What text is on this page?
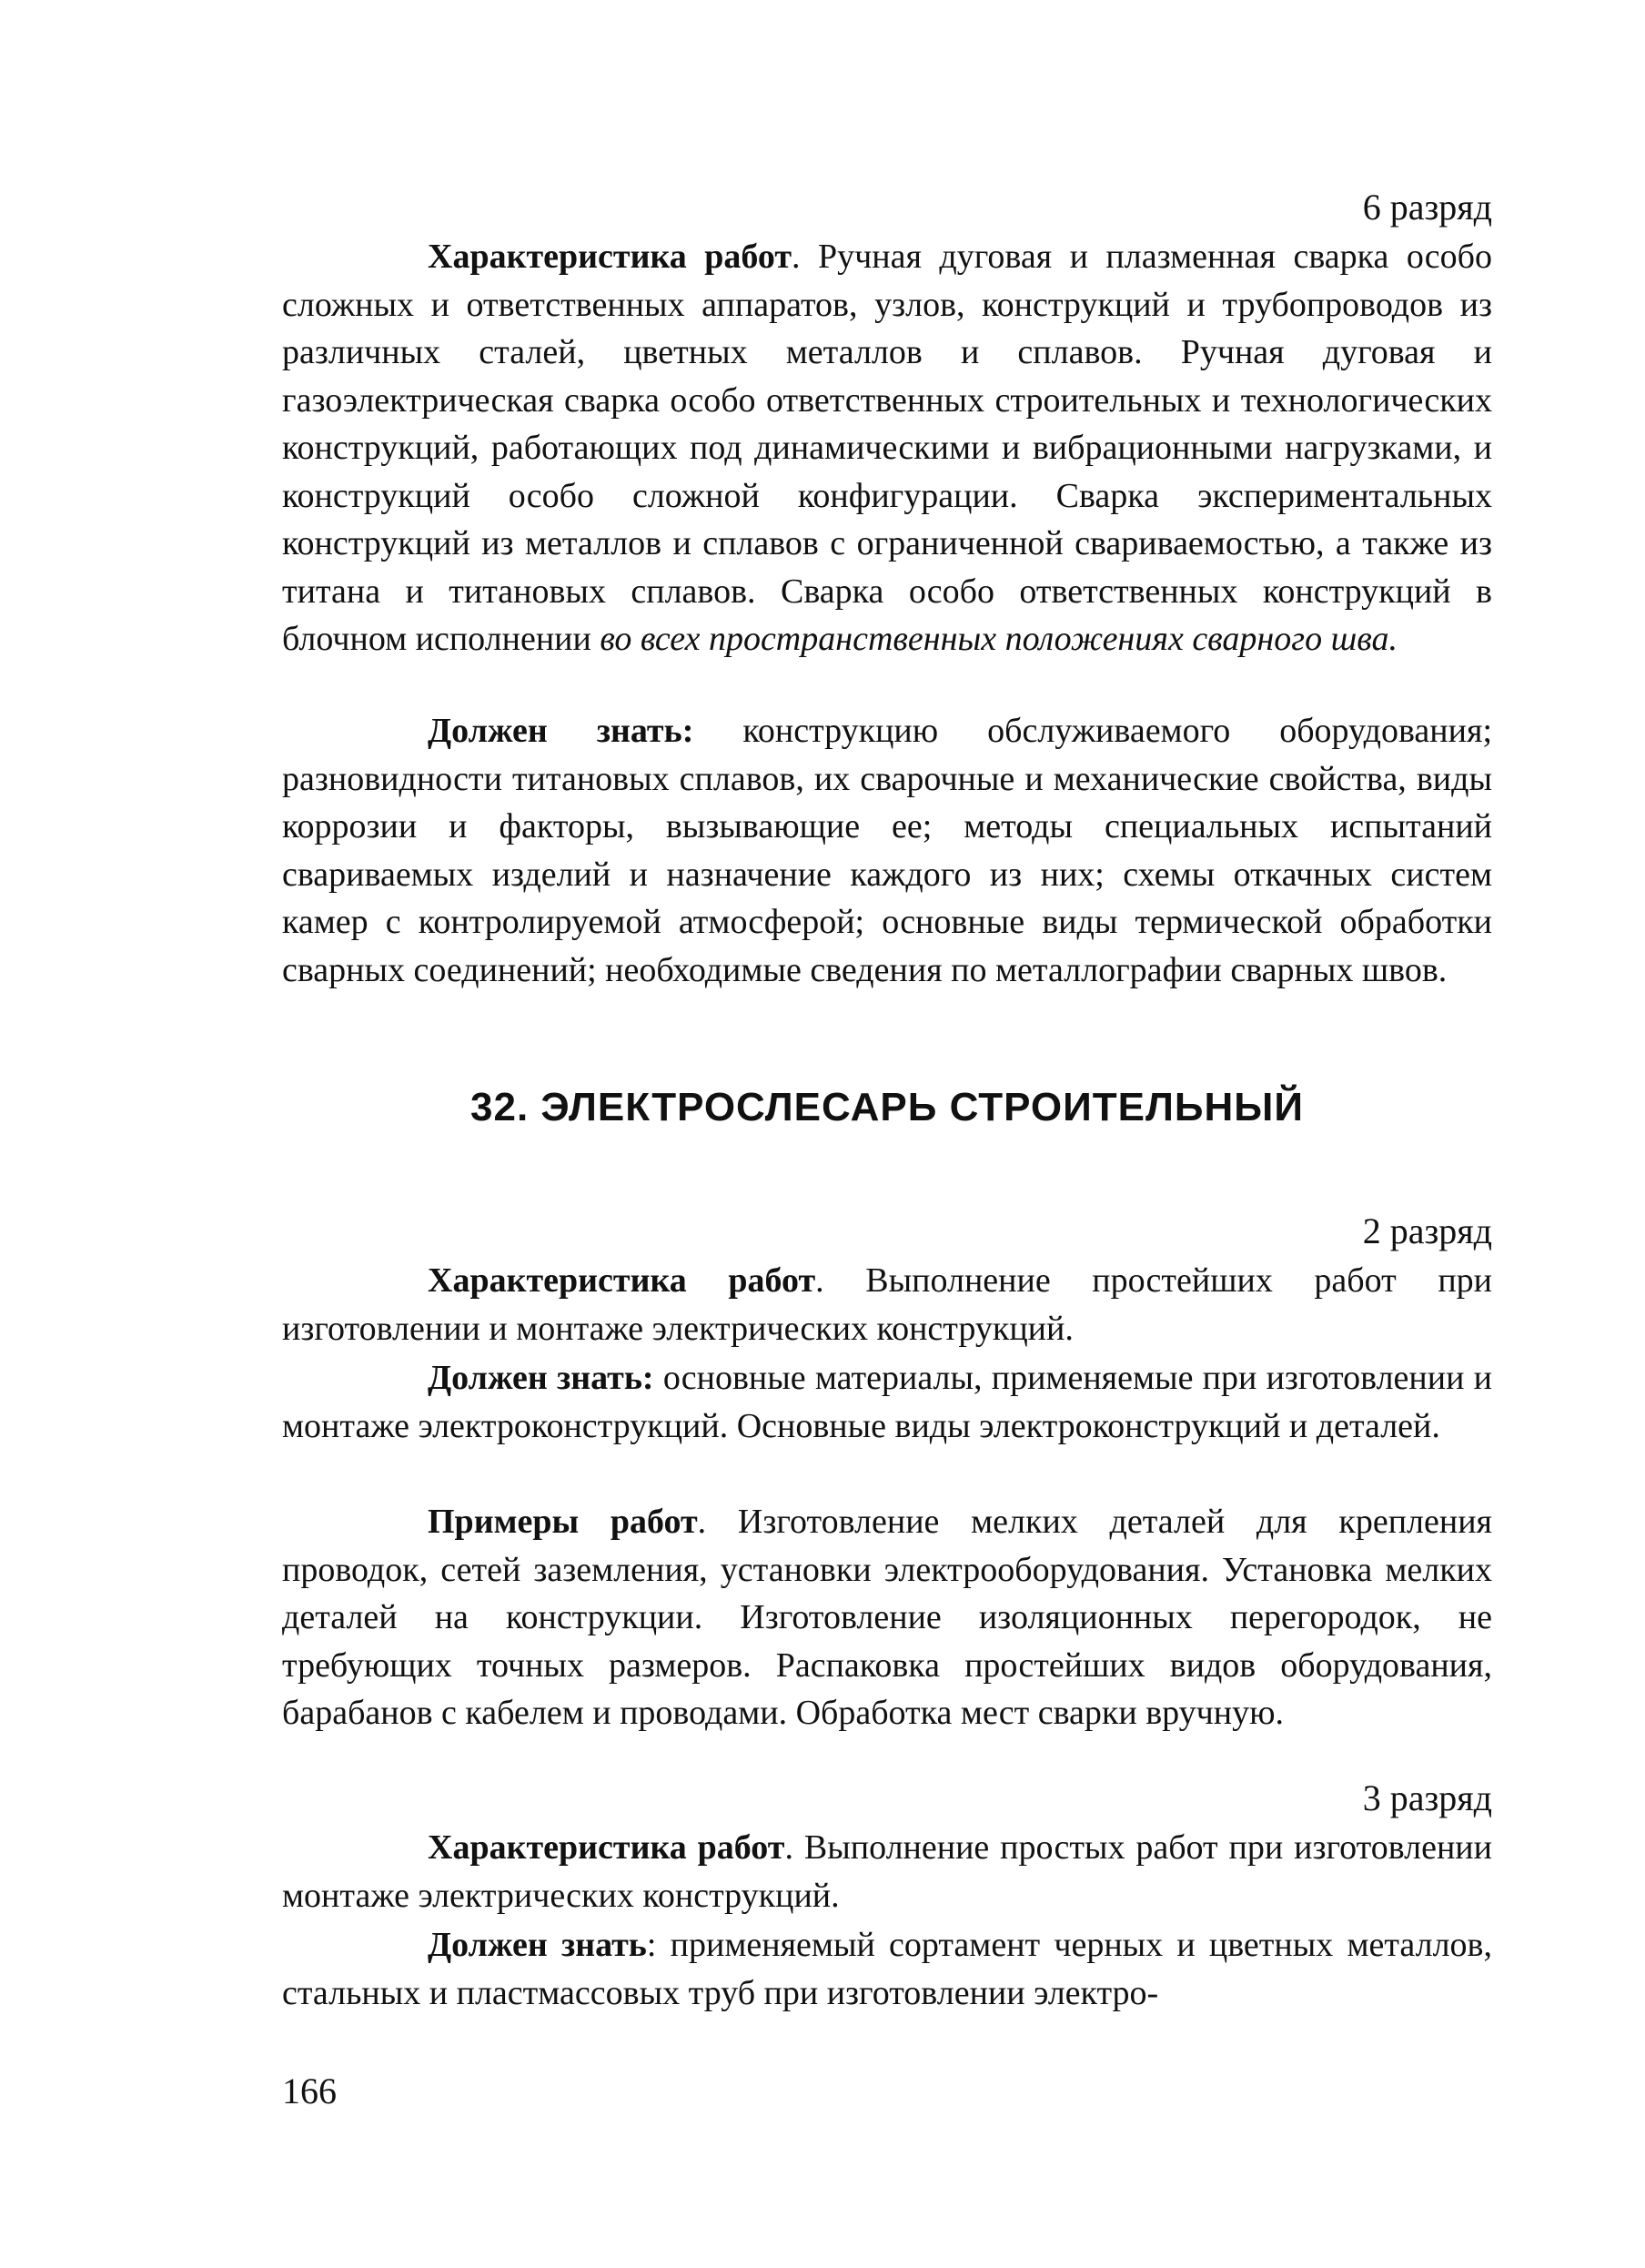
6 разряд

Характеристика работ. Ручная дуговая и плазменная сварка особо сложных и ответственных аппаратов, узлов, конструкций и трубопроводов из различных сталей, цветных металлов и сплавов. Ручная дуговая и газоэлектрическая сварка особо ответственных строительных и технологических конструкций, работающих под динамическими и вибрационными нагрузками, и конструкций особо сложной конфигурации. Сварка экспериментальных конструкций из металлов и сплавов с ограниченной свариваемостью, а также из титана и титановых сплавов. Сварка особо ответственных конструкций в блочном исполнении во всех пространственных положениях сварного шва.

Должен знать: конструкцию обслуживаемого оборудования; разновидности титановых сплавов, их сварочные и механические свойства, виды коррозии и факторы, вызывающие ее; методы специальных испытаний свариваемых изделий и назначение каждого из них; схемы откачных систем камер с контролируемой атмосферой; основные виды термической обработки сварных соединений; необходимые сведения по металлографии сварных швов.

32. ЭЛЕКТРОСЛЕСАРЬ СТРОИТЕЛЬНЫЙ

2 разряд

Характеристика работ. Выполнение простейших работ при изготовлении и монтаже электрических конструкций.

Должен знать: основные материалы, применяемые при изготовлении и монтаже электроконструкций. Основные виды электроконструкций и деталей.

Примеры работ. Изготовление мелких деталей для крепления проводок, сетей заземления, установки электрооборудования. Установка мелких деталей на конструкции. Изготовление изоляционных перегородок, не требующих точных размеров. Распаковка простейших видов оборудования, барабанов с кабелем и проводами. Обработка мест сварки вручную.

3 разряд

Характеристика работ. Выполнение простых работ при изготовлении монтаже электрических конструкций.

Должен знать: применяемый сортамент черных и цветных металлов, стальных и пластмассовых труб при изготовлении электро-

166
